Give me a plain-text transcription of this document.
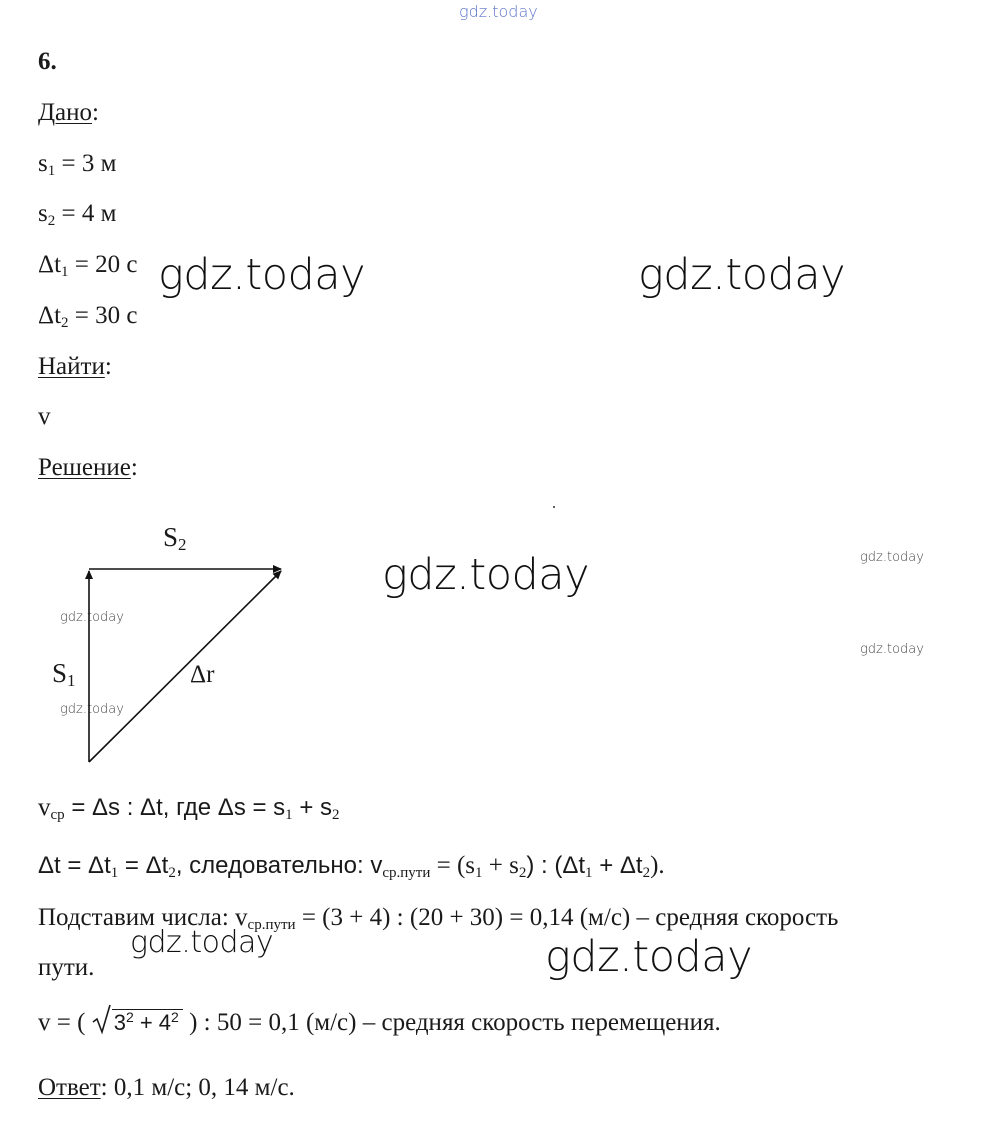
gdz.today
gdz.today	gdz.today
gdz.today	gdz.today
gdz.today
gdz.today
gdz.today
gdz.today	gdz.today
6.
Дано:
$s_1 = 3$ м
$s_2 = 4$ м
$\Delta t_1 = 20$ с
$\Delta t_2 = 30$ с
Найти:
v
Решение:
$S_2$
$S_1$	Δr
$v_{ср} = \Delta s$ : Δt, где $\Delta s = s_1 + s_2$
$\Delta t = \Delta t_1 = \Delta t_2$, следовательно: $v_{ср.пути} = (s_1 + s_2)$ : $(\Delta t_1 + \Delta t_2)$.
Подставим числа: $v_{ср.пути} = (3 + 4)$ : (20 + 30) = 0,14 (м/с) – средняя скорость
пути.
v = (
$3^2 + 4^2$ ) : 50 = 0,1 (м/с) – средняя скорость перемещения.
Ответ: 0,1 м/с; 0, 14 м/с.
